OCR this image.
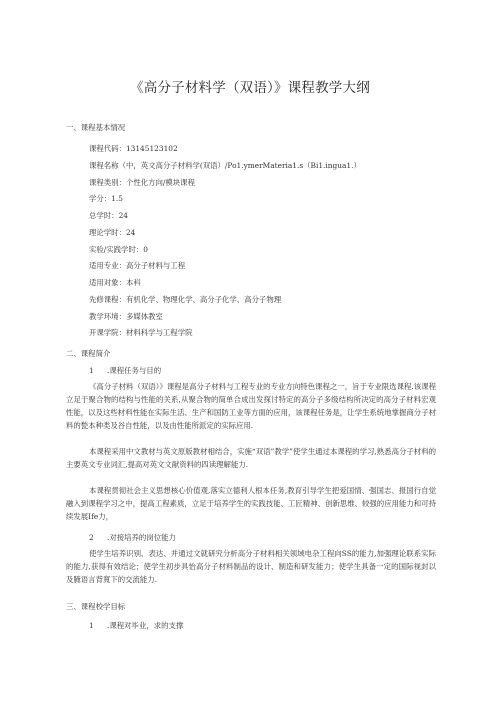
《高分子材料学（双语）》课程教学大纲
一、课程基本情况
课程代码：13145123102
课程名称（中，英文高分子材料学(双语）/Po1.ymerMateria1.s（Bi1.ingua1.）
课程类别：个性化方向/模块课程
学分：1.5
总学时：24
理论学时：24
实验/实践学时：0
适用专业：高分子材料与工程
适用对象：本科
先修课程：有机化学、物理化学、高分子化学、高分子物理
教学环境：多媒体教室
开课学院：材料科学与工程学院
二、课程简介
1 .课程任务与目的
《高分子材料（双语）》课程是高分子材料与工程专业的专业方向特色课程之一，旨于专业限选课程.该课程立足于聚合物的结构与性能的关系,从聚合物的简单合成出发探讨特定的高分子多级结构所决定的高分子材料宏观性能，以及这些材料性能在实际生活、生产和国防工业等方面的应用，该课程任务是，让学生系统地掌握商分子材料的甃本种类及谷自性能，以及由性能所派定的实际应用.
本课程采用中文教材与英文原版教材相结合，实施“双语”教学”使学生通过本课程的学习,熟悉高分子材料的主要英文专业词汇,提高对英文文献资料的四读理解能力.
本课程贯彻社会主义思想核心价值观,落实立德利人根本任务,教育引导学生把爱国情、强国志、报国行自觉融入到课程学习之中，提高工程素质，立足于培养学生的实践技能、工匠精神、创新思维、较强的应用能力和可持续发展Ife力，
2 .对接培养的岗位能力
使学生培养识别、表达、并通过文就研究分析高分子材料相关领域电杂工程向SS的能力,加强理论联系实际的能力,获得有效结论；使学生初步具怡高分子材料制品的设计、制造和研发能力；使学生具备一定的国际视封以及腌语言背寬下的交流能力.
三、课程校学目标
1 .课程对毕业，求的支撑
